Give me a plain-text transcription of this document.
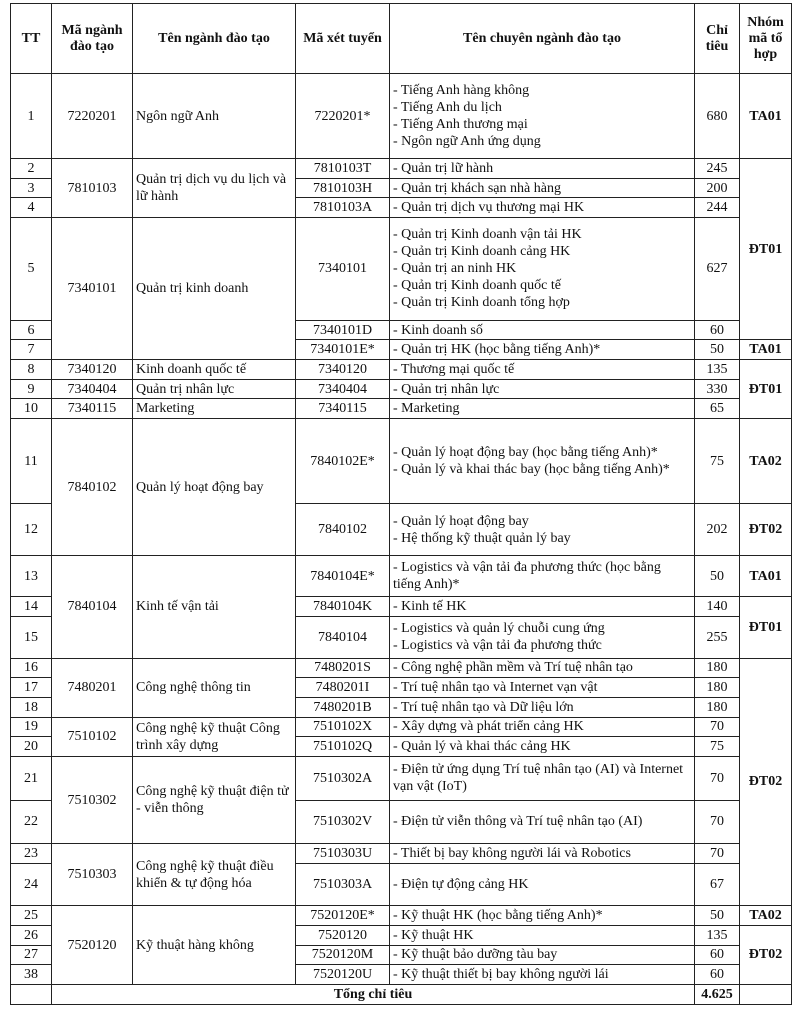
TT	Mã ngành đào tạo	Tên ngành đào tạo	Mã xét tuyển	Tên chuyên ngành đào tạo	Chỉ tiêu	Nhóm mã tổ hợp
1	7220201	Ngôn ngữ Anh	7220201*	- Tiếng Anh hàng không
- Tiếng Anh du lịch
- Tiếng Anh thương mại
- Ngôn ngữ Anh ứng dụng	680	TA01
2	7810103	Quản trị dịch vụ du lịch và lữ hành	7810103T	- Quản trị lữ hành	245	ĐT01
3			7810103H	- Quản trị khách sạn nhà hàng	200	
4			7810103A	- Quản trị dịch vụ thương mại HK	244	
5	7340101	Quản trị kinh doanh	7340101	- Quản trị Kinh doanh vận tải HK
- Quản trị Kinh doanh cảng HK
- Quản trị an ninh HK
- Quản trị Kinh doanh quốc tế
- Quản trị Kinh doanh tổng hợp	627	
6			7340101D	- Kinh doanh số	60	
7			7340101E*	- Quản trị HK (học bằng tiếng Anh)*	50	TA01
8	7340120	Kinh doanh quốc tế	7340120	- Thương mại quốc tế	135	ĐT01
9	7340404	Quản trị nhân lực	7340404	- Quản trị nhân lực	330	
10	7340115	Marketing	7340115	- Marketing	65	
11	7840102	Quản lý hoạt động bay	7840102E*	- Quản lý hoạt động bay (học bằng tiếng Anh)*
- Quản lý và khai thác bay (học bằng tiếng Anh)*	75	TA02
12			7840102	- Quản lý hoạt động bay
- Hệ thống kỹ thuật quản lý bay	202	ĐT02
13	7840104	Kinh tế vận tải	7840104E*	- Logistics và vận tải đa phương thức (học bằng tiếng Anh)*	50	TA01
14			7840104K	- Kinh tế HK	140	ĐT01
15			7840104	- Logistics và quản lý chuỗi cung ứng
- Logistics và vận tải đa phương thức	255	
16	7480201	Công nghệ thông tin	7480201S	- Công nghệ phần mềm và Trí tuệ nhân tạo	180	ĐT02
17			7480201I	- Trí tuệ nhân tạo và Internet vạn vật	180	
18			7480201B	- Trí tuệ nhân tạo và Dữ liệu lớn	180	
19	7510102	Công nghệ kỹ thuật Công trình xây dựng	7510102X	- Xây dựng và phát triển cảng HK	70	
20			7510102Q	- Quản lý và khai thác cảng HK	75	
21	7510302	Công nghệ kỹ thuật điện tử - viễn thông	7510302A	- Điện tử ứng dụng Trí tuệ nhân tạo (AI) và Internet vạn vật (IoT)	70	
22			7510302V	- Điện tử viễn thông và Trí tuệ nhân tạo (AI)	70	
23	7510303	Công nghệ kỹ thuật điều khiển & tự động hóa	7510303U	- Thiết bị bay không người lái và Robotics	70	
24			7510303A	- Điện tự động cảng HK	67	
25	7520120	Kỹ thuật hàng không	7520120E*	- Kỹ thuật HK (học bằng tiếng Anh)*	50	TA02
26			7520120	- Kỹ thuật HK	135	ĐT02
27			7520120M	- Kỹ thuật bảo dưỡng tàu bay	60	
38			7520120U	- Kỹ thuật thiết bị bay không người lái	60	
	Tổng chỉ tiêu				4.625	
